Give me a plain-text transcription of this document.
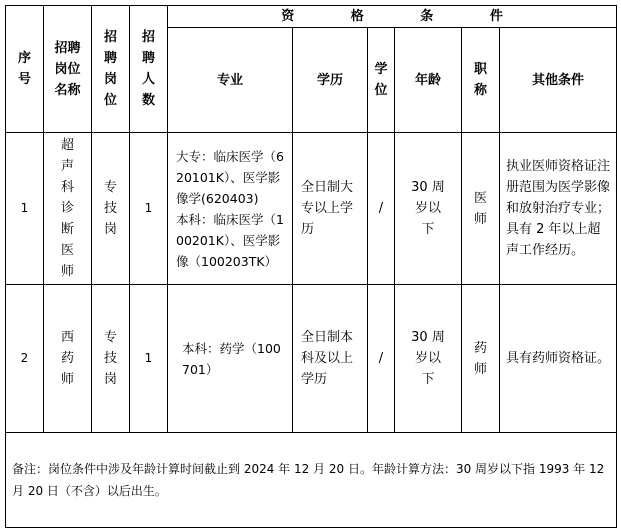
序号	招聘岗位名称	招聘岗位	招聘人数	资 格 条 件					
				专业	学历	学位	年龄	职称	其他条件
1	超声科诊断医师	专技岗	1	大专：临床医学（620101K）、医学影像学(620403)
本科：临床医学（100201K）、医学影像（100203TK）	全日制大专以上学历	/	30 周岁以下	医师	执业医师资格证注册范围为医学影像和放射治疗专业；具有 2 年以上超声工作经历。
2	西药师	专技岗	1	本科：药学（100701）	全日制本科及以上学历	/	30 周岁以下	药师	具有药师资格证。
备注：岗位条件中涉及年龄计算时间截止到 2024 年 12 月 20 日。年龄计算方法：30 周岁以下指 1993 年 12 月 20 日（不含）以后出生。									
